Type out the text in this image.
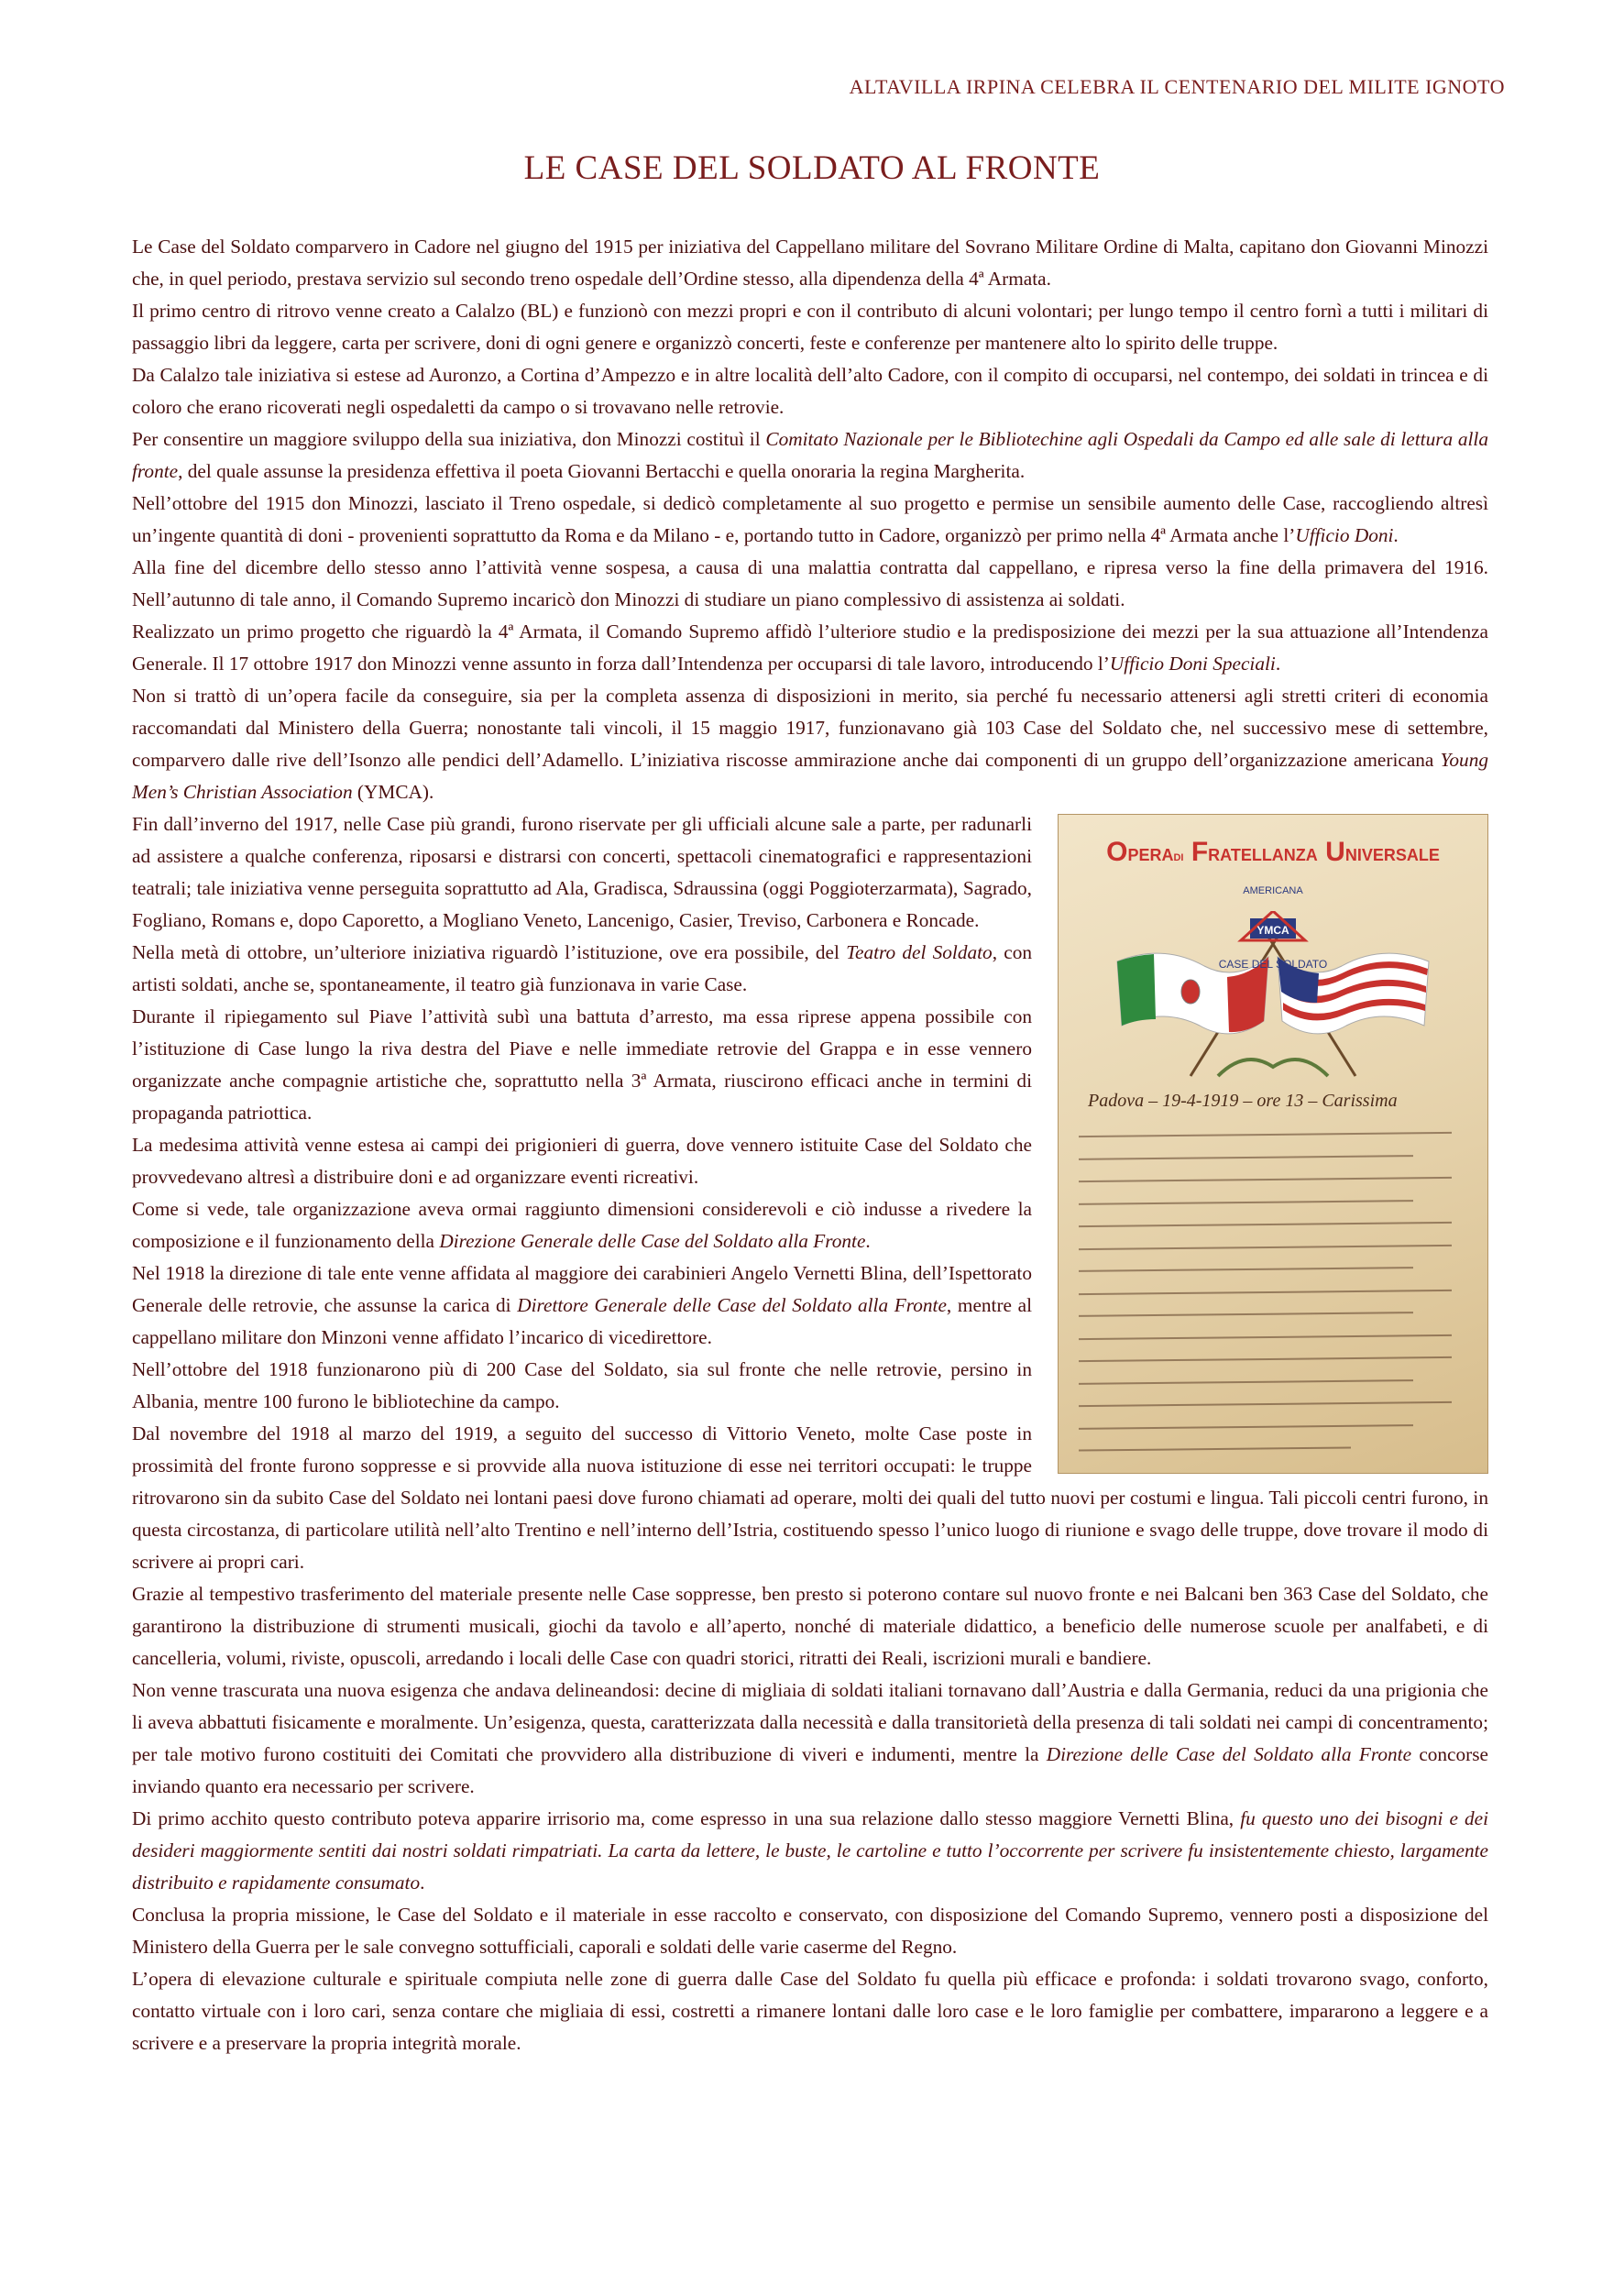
ALTAVILLA IRPINA CELEBRA IL CENTENARIO DEL MILITE IGNOTO
LE CASE DEL SOLDATO AL FRONTE

Le Case del Soldato comparvero in Cadore nel giugno del 1915 per iniziativa del Cappellano militare del Sovrano Militare Ordine di Malta, capitano don Giovanni Minozzi che, in quel periodo, prestava servizio sul secondo treno ospedale dell’Ordine stesso, alla dipendenza della 4ª Armata.

Il primo centro di ritrovo venne creato a Calalzo (BL) e funzionò con mezzi propri e con il contributo di alcuni volontari; per lungo tempo il centro fornì a tutti i militari di passaggio libri da leggere, carta per scrivere, doni di ogni genere e organizzò concerti, feste e conferenze per mantenere alto lo spirito delle truppe.

Da Calalzo tale iniziativa si estese ad Auronzo, a Cortina d’Ampezzo e in altre località dell’alto Cadore, con il compito di occuparsi, nel contempo, dei soldati in trincea e di coloro che erano ricoverati negli ospedaletti da campo o si trovavano nelle retrovie.

Per consentire un maggiore sviluppo della sua iniziativa, don Minozzi costituì il Comitato Nazionale per le Bibliotechine agli Ospedali da Campo ed alle sale di lettura alla fronte, del quale assunse la presidenza effettiva il poeta Giovanni Bertacchi e quella onoraria la regina Margherita.

Nell’ottobre del 1915 don Minozzi, lasciato il Treno ospedale, si dedicò completamente al suo progetto e permise un sensibile aumento delle Case, raccogliendo altresì un’ingente quantità di doni - provenienti soprattutto da Roma e da Milano - e, portando tutto in Cadore, organizzò per primo nella 4ª Armata anche l’Ufficio Doni.

Alla fine del dicembre dello stesso anno l’attività venne sospesa, a causa di una malattia contratta dal cappellano, e ripresa verso la fine della primavera del 1916. Nell’autunno di tale anno, il Comando Supremo incaricò don Minozzi di studiare un piano complessivo di assistenza ai soldati.

Realizzato un primo progetto che riguardò la 4ª Armata, il Comando Supremo affidò l’ulteriore studio e la predisposizione dei mezzi per la sua attuazione all’Intendenza Generale. Il 17 ottobre 1917 don Minozzi venne assunto in forza dall’Intendenza per occuparsi di tale lavoro, introducendo l’Ufficio Doni Speciali.

Non si trattò di un’opera facile da conseguire, sia per la completa assenza di disposizioni in merito, sia perché fu necessario attenersi agli stretti criteri di economia raccomandati dal Ministero della Guerra; nonostante tali vincoli, il 15 maggio 1917, funzionavano già 103 Case del Soldato che, nel successivo mese di settembre, comparvero dalle rive dell’Isonzo alle pendici dell’Adamello. L’iniziativa riscosse ammirazione anche dai componenti di un gruppo dell’organizzazione americana Young Men’s Christian Association (YMCA).

OPERADI FRATELLANZA UNIVERSALE
AMERICANA
YMCA
CASE DEL SOLDATO
Padova – 19-4-1919 – ore 13 – Carissima

Fin dall’inverno del 1917, nelle Case più grandi, furono riservate per gli ufficiali alcune sale a parte, per radunarli ad assistere a qualche conferenza, riposarsi e distrarsi con concerti, spettacoli cinematografici e rappresentazioni teatrali; tale iniziativa venne perseguita soprattutto ad Ala, Gradisca, Sdraussina (oggi Poggioterzarmata), Sagrado, Fogliano, Romans e, dopo Caporetto, a Mogliano Veneto, Lancenigo, Casier, Treviso, Carbonera e Roncade.

Nella metà di ottobre, un’ulteriore iniziativa riguardò l’istituzione, ove era possibile, del Teatro del Soldato, con artisti soldati, anche se, spontaneamente, il teatro già funzionava in varie Case.

Durante il ripiegamento sul Piave l’attività subì una battuta d’arresto, ma essa riprese appena possibile con l’istituzione di Case lungo la riva destra del Piave e nelle immediate retrovie del Grappa e in esse vennero organizzate anche compagnie artistiche che, soprattutto nella 3ª Armata, riuscirono efficaci anche in termini di propaganda patriottica.

La medesima attività venne estesa ai campi dei prigionieri di guerra, dove vennero istituite Case del Soldato che provvedevano altresì a distribuire doni e ad organizzare eventi ricreativi.

Come si vede, tale organizzazione aveva ormai raggiunto dimensioni considerevoli e ciò indusse a rivedere la composizione e il funzionamento della Direzione Generale delle Case del Soldato alla Fronte.

Nel 1918 la direzione di tale ente venne affidata al maggiore dei carabinieri Angelo Vernetti Blina, dell’Ispettorato Generale delle retrovie, che assunse la carica di Direttore Generale delle Case del Soldato alla Fronte, mentre al cappellano militare don Minzoni venne affidato l’incarico di vicedirettore.

Nell’ottobre del 1918 funzionarono più di 200 Case del Soldato, sia sul fronte che nelle retrovie, persino in Albania, mentre 100 furono le bibliotechine da campo.

Dal novembre del 1918 al marzo del 1919, a seguito del successo di Vittorio Veneto, molte Case poste in prossimità del fronte furono soppresse e si provvide alla nuova istituzione di esse nei territori occupati: le truppe ritrovarono sin da subito Case del Soldato nei lontani paesi dove furono chiamati ad operare, molti dei quali del tutto nuovi per costumi e lingua. Tali piccoli centri furono, in questa circostanza, di particolare utilità nell’alto Trentino e nell’interno dell’Istria, costituendo spesso l’unico luogo di riunione e svago delle truppe, dove trovare il modo di scrivere ai propri cari.

Grazie al tempestivo trasferimento del materiale presente nelle Case soppresse, ben presto si poterono contare sul nuovo fronte e nei Balcani ben 363 Case del Soldato, che garantirono la distribuzione di strumenti musicali, giochi da tavolo e all’aperto, nonché di materiale didattico, a beneficio delle numerose scuole per analfabeti, e di cancelleria, volumi, riviste, opuscoli, arredando i locali delle Case con quadri storici, ritratti dei Reali, iscrizioni murali e bandiere.

Non venne trascurata una nuova esigenza che andava delineandosi: decine di migliaia di soldati italiani tornavano dall’Austria e dalla Germania, reduci da una prigionia che li aveva abbattuti fisicamente e moralmente. Un’esigenza, questa, caratterizzata dalla necessità e dalla transitorietà della presenza di tali soldati nei campi di concentramento; per tale motivo furono costituiti dei Comitati che provvidero alla distribuzione di viveri e indumenti, mentre la Direzione delle Case del Soldato alla Fronte concorse inviando quanto era necessario per scrivere.

Di primo acchito questo contributo poteva apparire irrisorio ma, come espresso in una sua relazione dallo stesso maggiore Vernetti Blina, fu questo uno dei bisogni e dei desideri maggiormente sentiti dai nostri soldati rimpatriati. La carta da lettere, le buste, le cartoline e tutto l’occorrente per scrivere fu insistentemente chiesto, largamente distribuito e rapidamente consumato.

Conclusa la propria missione, le Case del Soldato e il materiale in esse raccolto e conservato, con disposizione del Comando Supremo, vennero posti a disposizione del Ministero della Guerra per le sale convegno sottufficiali, caporali e soldati delle varie caserme del Regno.

L’opera di elevazione culturale e spirituale compiuta nelle zone di guerra dalle Case del Soldato fu quella più efficace e profonda: i soldati trovarono svago, conforto, contatto virtuale con i loro cari, senza contare che migliaia di essi, costretti a rimanere lontani dalle loro case e le loro famiglie per combattere, impararono a leggere e a scrivere e a preservare la propria integrità morale.
